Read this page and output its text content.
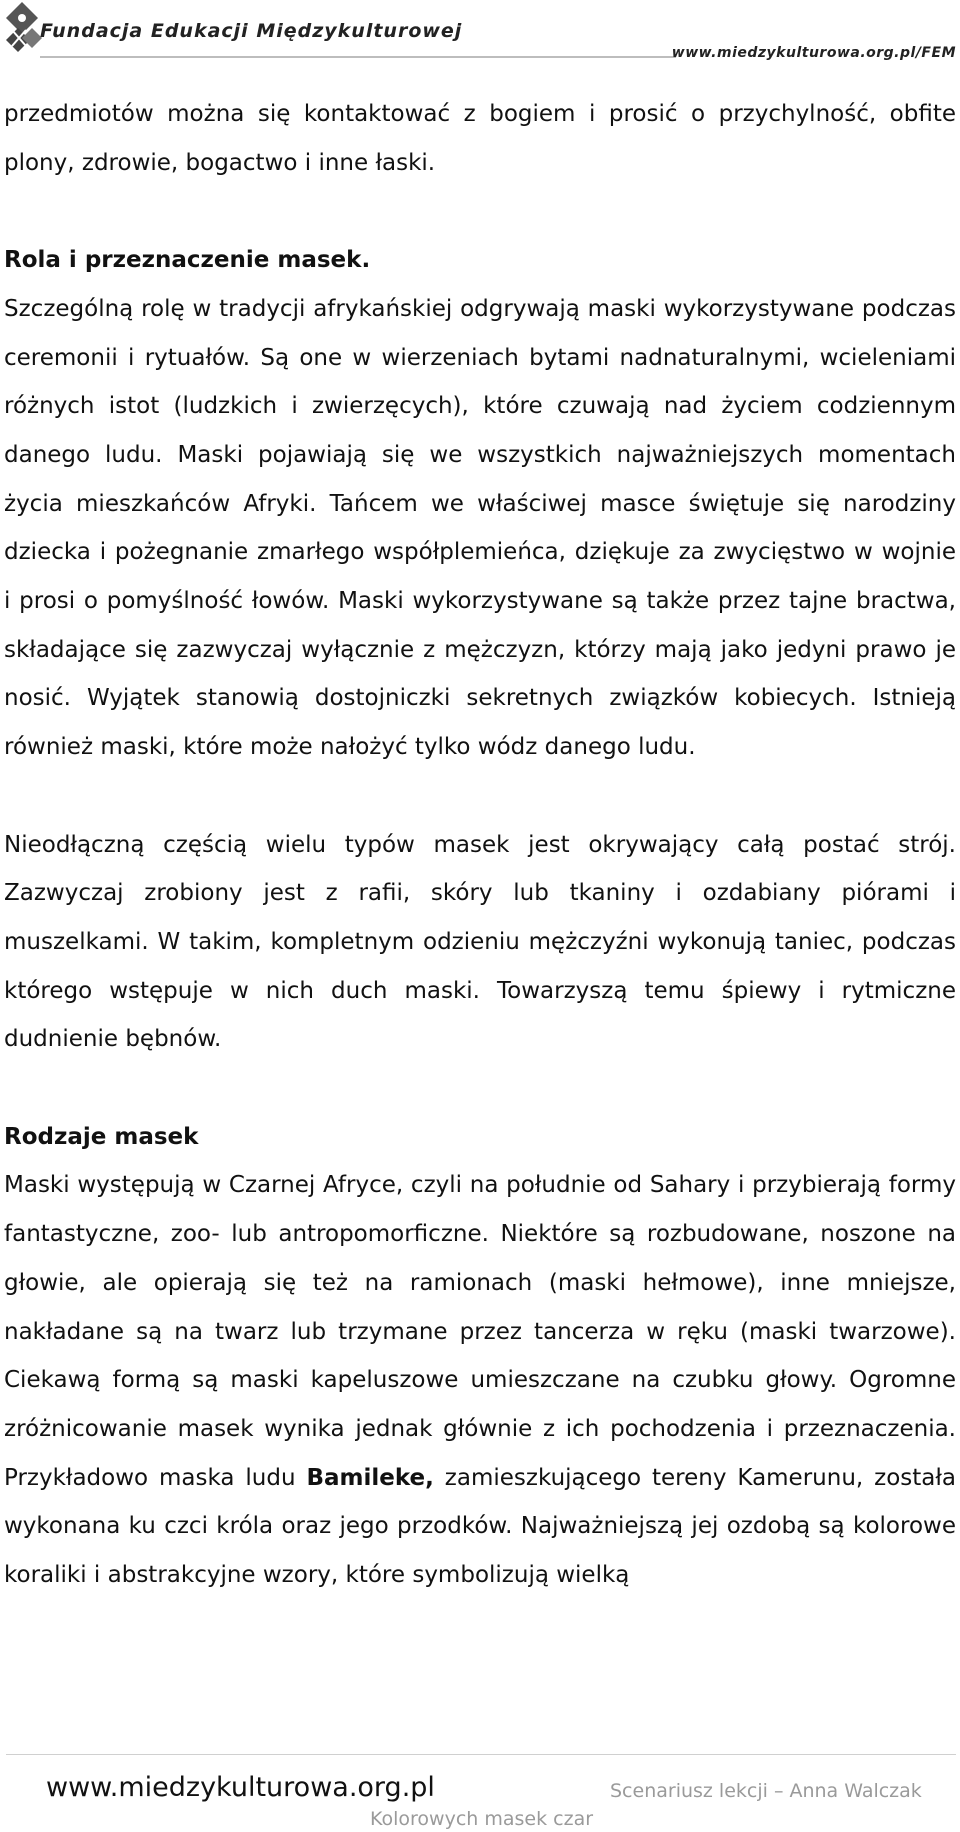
Fundacja Edukacji Międzykulturowej
www.miedzykulturowa.org.pl/FEM

przedmiotów można się kontaktować z bogiem i prosić o przychylność, obfite plony, zdrowie, bogactwo i inne łaski.

Rola i przeznaczenie masek.

Szczególną rolę w tradycji afrykańskiej odgrywają maski wykorzystywane podczas ceremonii i rytuałów. Są one w wierzeniach bytami nadnaturalnymi, wcieleniami różnych istot (ludzkich i zwierzęcych), które czuwają nad życiem codziennym danego ludu. Maski pojawiają się we wszystkich najważniejszych momentach życia mieszkańców Afryki. Tańcem we właściwej masce świętuje się narodziny dziecka i pożegnanie zmarłego współplemieńca, dziękuje za zwycięstwo w wojnie i prosi o pomyślność łowów. Maski wykorzystywane są także przez tajne bractwa, składające się zazwyczaj wyłącznie z mężczyzn, którzy mają jako jedyni prawo je nosić. Wyjątek stanowią dostojniczki sekretnych związków kobiecych. Istnieją również maski, które może nałożyć tylko wódz danego ludu.

Nieodłączną częścią wielu typów masek jest okrywający całą postać strój. Zazwyczaj zrobiony jest z rafii, skóry lub tkaniny i ozdabiany piórami i muszelkami. W takim, kompletnym odzieniu mężczyźni wykonują taniec, podczas którego wstępuje w nich duch maski. Towarzyszą temu śpiewy i rytmiczne dudnienie bębnów.

Rodzaje masek

Maski występują w Czarnej Afryce, czyli na południe od Sahary i przybierają formy fantastyczne, zoo- lub antropomorficzne. Niektóre są rozbudowane, noszone na głowie, ale opierają się też na ramionach (maski hełmowe), inne mniejsze, nakładane są na twarz lub trzymane przez tancerza w ręku (maski twarzowe). Ciekawą formą są maski kapeluszowe umieszczane na czubku głowy. Ogromne zróżnicowanie masek wynika jednak głównie z ich pochodzenia i przeznaczenia. Przykładowo maska ludu Bamileke, zamieszkującego tereny Kamerunu, została wykonana ku czci króla oraz jego przodków. Najważniejszą jej ozdobą są kolorowe koraliki i abstrakcyjne wzory, które symbolizują wielką

www.miedzykulturowa.org.pl	Scenariusz lekcji – Anna Walczak
Kolorowych masek czar
